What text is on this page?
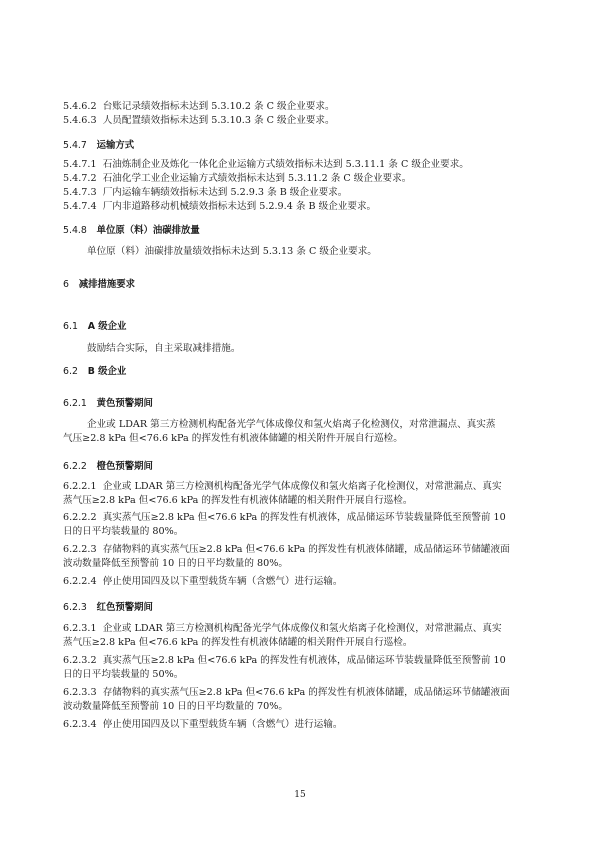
5.4.6.2 台账记录绩效指标未达到 5.3.10.2 条 C 级企业要求。
5.4.6.3 人员配置绩效指标未达到 5.3.10.3 条 C 级企业要求。
5.4.7 运输方式
5.4.7.1 石油炼制企业及炼化一体化企业运输方式绩效指标未达到 5.3.11.1 条 C 级企业要求。
5.4.7.2 石油化学工业企业运输方式绩效指标未达到 5.3.11.2 条 C 级企业要求。
5.4.7.3 厂内运输车辆绩效指标未达到 5.2.9.3 条 B 级企业要求。
5.4.7.4 厂内非道路移动机械绩效指标未达到 5.2.9.4 条 B 级企业要求。
5.4.8 单位原（料）油碳排放量
单位原（料）油碳排放量绩效指标未达到 5.3.13 条 C 级企业要求。
6 减排措施要求
6.1 A 级企业
鼓励结合实际，自主采取减排措施。
6.2 B 级企业
6.2.1 黄色预警期间
企业或 LDAR 第三方检测机构配备光学气体成像仪和氢火焰离子化检测仪，对常泄漏点、真实蒸
气压≥2.8 kPa 但<76.6 kPa 的挥发性有机液体储罐的相关附件开展自行巡检。
6.2.2 橙色预警期间
6.2.2.1 企业或 LDAR 第三方检测机构配备光学气体成像仪和氢火焰离子化检测仪，对常泄漏点、真实
蒸气压≥2.8 kPa 但<76.6 kPa 的挥发性有机液体储罐的相关附件开展自行巡检。
6.2.2.2 真实蒸气压≥2.8 kPa 但<76.6 kPa 的挥发性有机液体，成品储运环节装载量降低至预警前 10
日的日平均装载量的 80%。
6.2.2.3 存储物料的真实蒸气压≥2.8 kPa 但<76.6 kPa 的挥发性有机液体储罐，成品储运环节储罐液面
波动数量降低至预警前 10 日的日平均数量的 80%。
6.2.2.4 停止使用国四及以下重型载货车辆（含燃气）进行运输。
6.2.3 红色预警期间
6.2.3.1 企业或 LDAR 第三方检测机构配备光学气体成像仪和氢火焰离子化检测仪，对常泄漏点、真实
蒸气压≥2.8 kPa 但<76.6 kPa 的挥发性有机液体储罐的相关附件开展自行巡检。
6.2.3.2 真实蒸气压≥2.8 kPa 但<76.6 kPa 的挥发性有机液体，成品储运环节装载量降低至预警前 10
日的日平均装载量的 50%。
6.2.3.3 存储物料的真实蒸气压≥2.8 kPa 但<76.6 kPa 的挥发性有机液体储罐，成品储运环节储罐液面
波动数量降低至预警前 10 日的日平均数量的 70%。
6.2.3.4 停止使用国四及以下重型载货车辆（含燃气）进行运输。
15
